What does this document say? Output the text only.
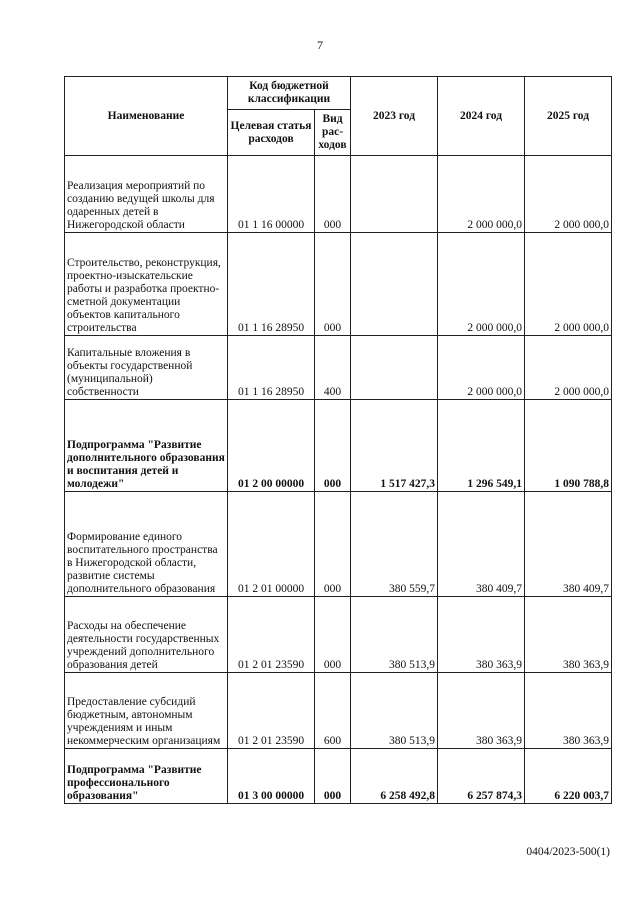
7
Наименование	Код бюджетной классификации		2023 год	2024 год	2025 год
	Целевая статья расходов	Вид рас-ходов			
Реализация мероприятий по созданию ведущей школы для одаренных детей в Нижегородской области	01 1 16 00000	000		2 000 000,0	2 000 000,0
Строительство, реконструкция, проектно-изыскательские работы и разработка проектно-сметной документации объектов капитального строительства	01 1 16 28950	000		2 000 000,0	2 000 000,0
Капитальные вложения в объекты государственной (муниципальной) собственности	01 1 16 28950	400		2 000 000,0	2 000 000,0
Подпрограмма "Развитие дополнительного образования и воспитания детей и молодежи"	01 2 00 00000	000	1 517 427,3	1 296 549,1	1 090 788,8
Формирование единого воспитательного пространства в Нижегородской области, развитие системы дополнительного образования	01 2 01 00000	000	380 559,7	380 409,7	380 409,7
Расходы на обеспечение деятельности государственных учреждений дополнительного образования детей	01 2 01 23590	000	380 513,9	380 363,9	380 363,9
Предоставление субсидий бюджетным, автономным учреждениям и иным некоммерческим организациям	01 2 01 23590	600	380 513,9	380 363,9	380 363,9
Подпрограмма "Развитие профессионального образования"	01 3 00 00000	000	6 258 492,8	6 257 874,3	6 220 003,7
0404/2023-500(1)
